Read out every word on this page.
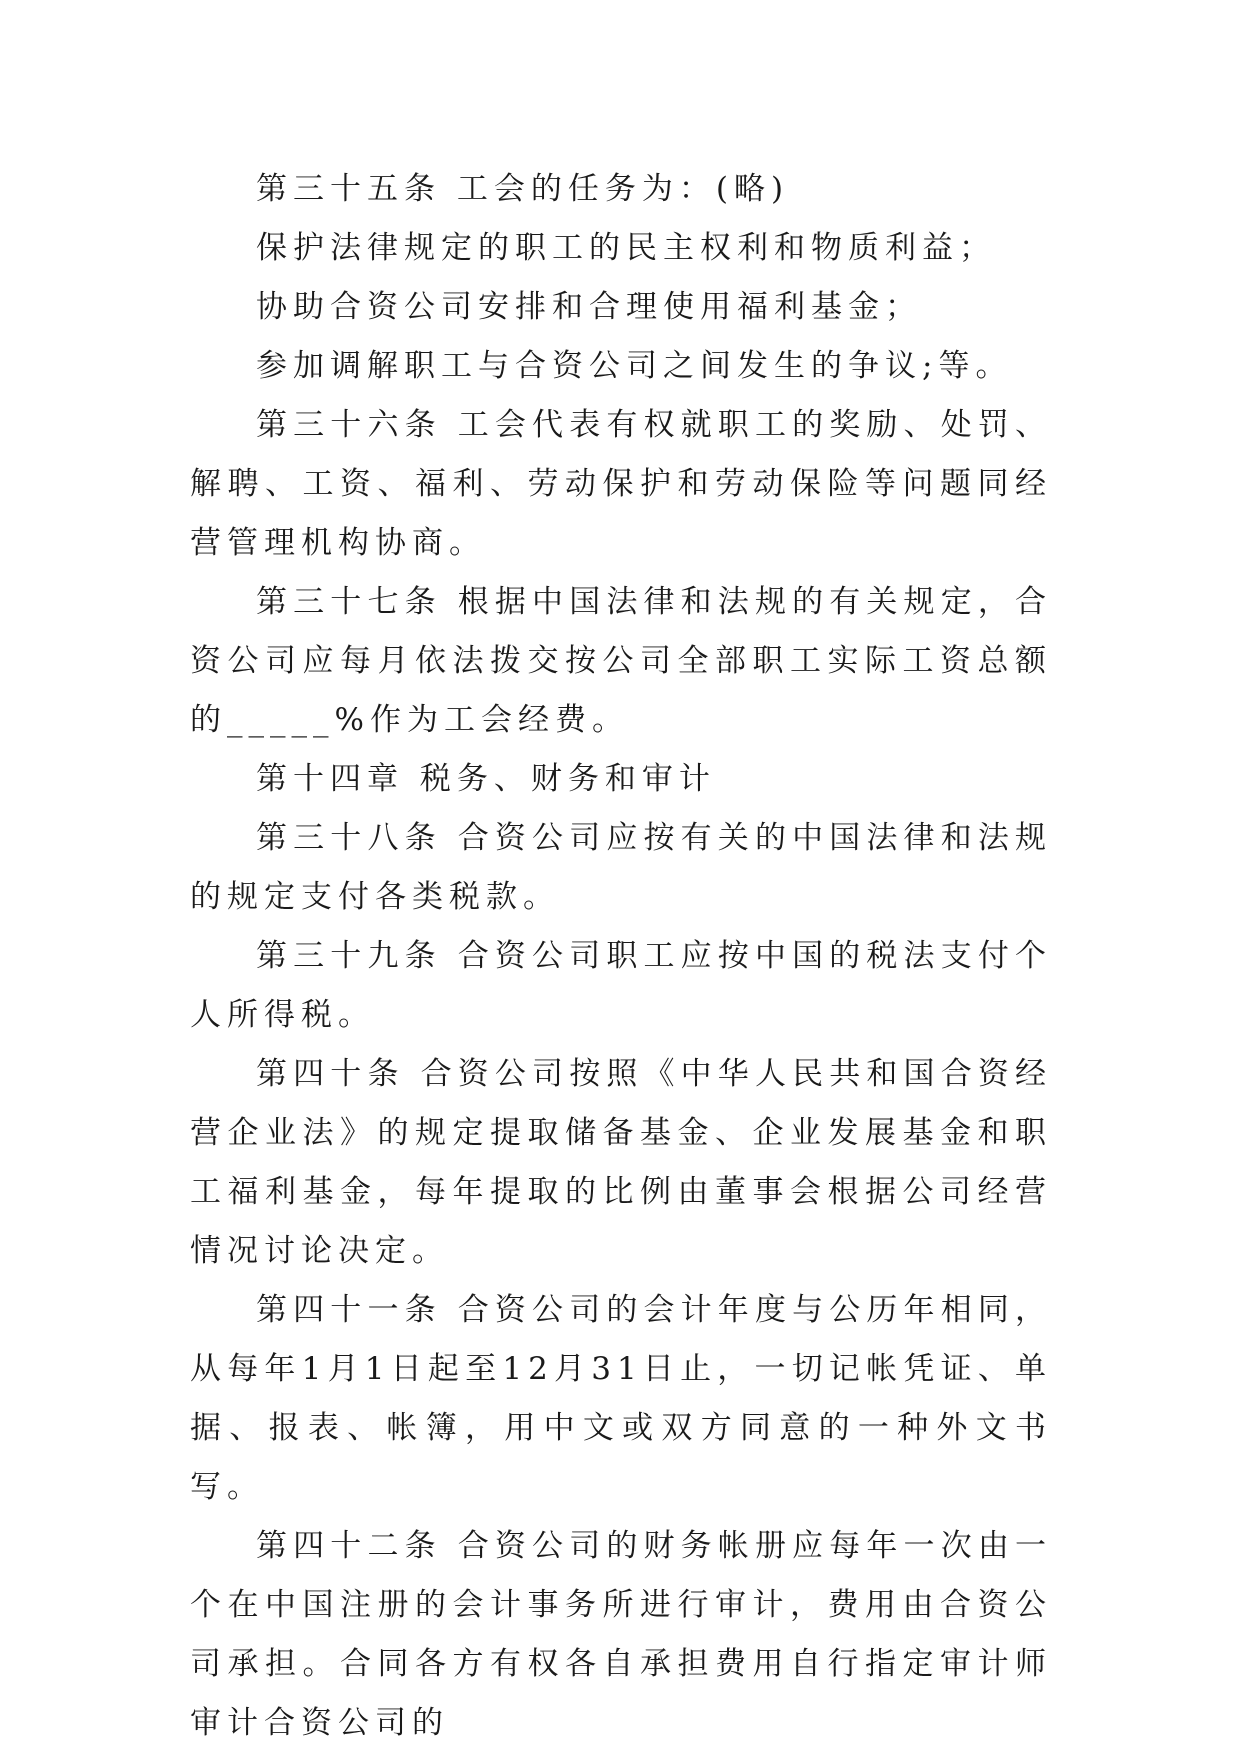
第三十五条 工会的任务为：(略)

保护法律规定的职工的民主权利和物质利益；

协助合资公司安排和合理使用福利基金；

参加调解职工与合资公司之间发生的争议;等。

第三十六条 工会代表有权就职工的奖励、处罚、解聘、工资、福利、劳动保护和劳动保险等问题同经营管理机构协商。

第三十七条 根据中国法律和法规的有关规定，合资公司应每月依法拨交按公司全部职工实际工资总额的_____%作为工会经费。

第十四章 税务、财务和审计

第三十八条 合资公司应按有关的中国法律和法规的规定支付各类税款。

第三十九条 合资公司职工应按中国的税法支付个人所得税。

第四十条 合资公司按照《中华人民共和国合资经营企业法》的规定提取储备基金、企业发展基金和职工福利基金，每年提取的比例由董事会根据公司经营情况讨论决定。

第四十一条 合资公司的会计年度与公历年相同，从每年1月1日起至12月31日止，一切记帐凭证、单据、报表、帐簿，用中文或双方同意的一种外文书写。

第四十二条 合资公司的财务帐册应每年一次由一个在中国注册的会计事务所进行审计，费用由合资公司承担。合同各方有权各自承担费用自行指定审计师审计合资公司的
